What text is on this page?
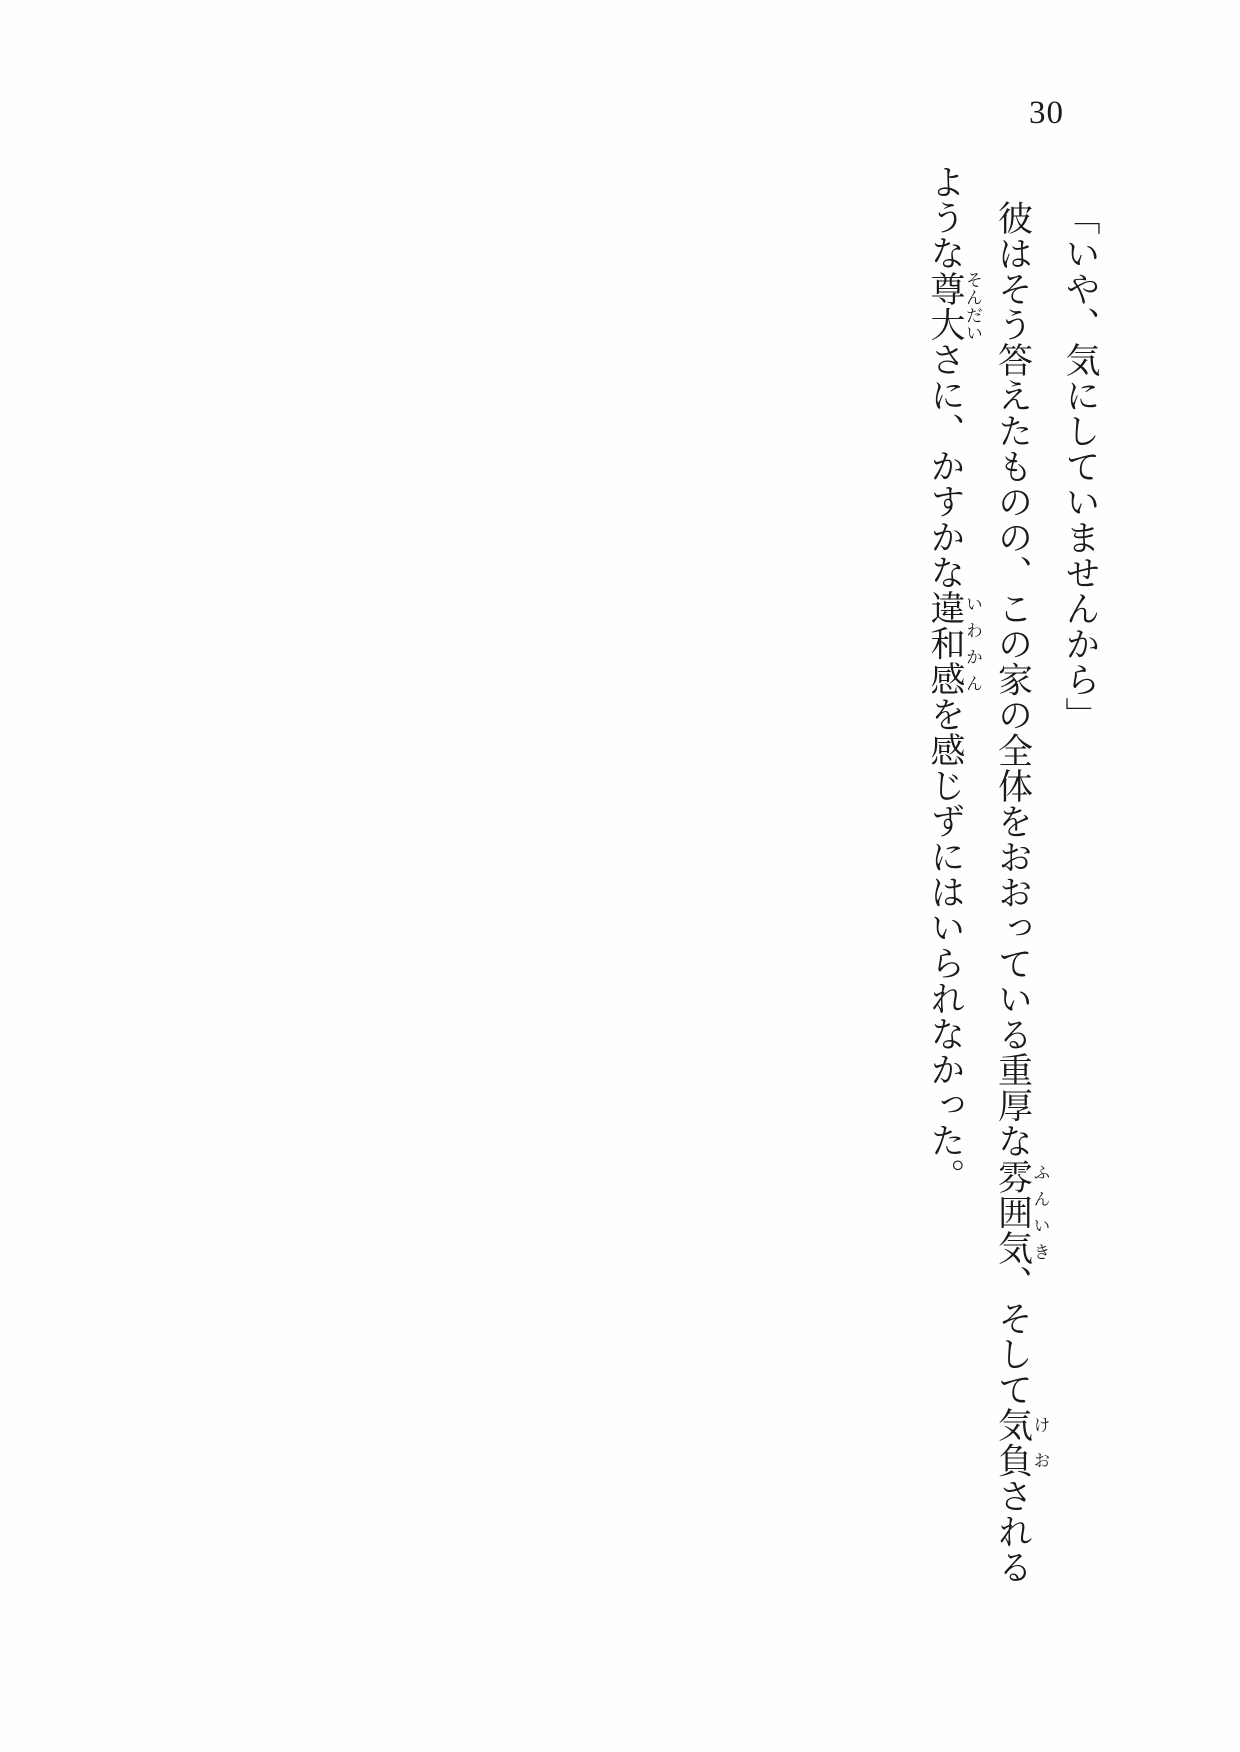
30

「いや、気にしていませんから」

彼はそう答えたものの、この家の全体をおおっている重厚な雰囲気ふんいき、そして気負けおされる

ような尊大そんだいさに、かすかな違和感いわかんを感じずにはいられなかった。
